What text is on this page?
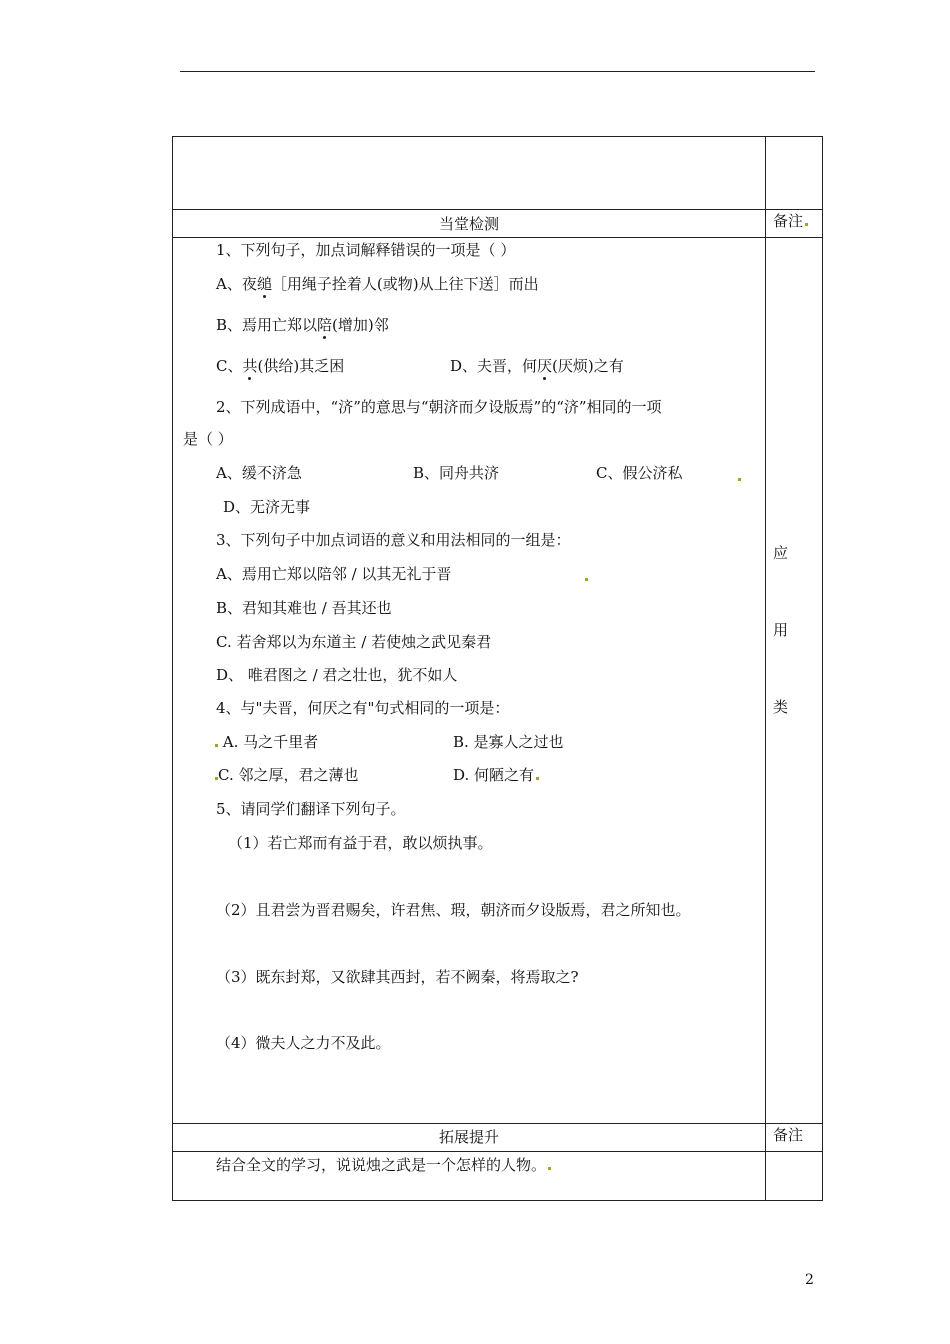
当堂检测	备注
1、下列句子，加点词解释错误的一项是（ ）
A、夜缒［用绳子拴着人(或物)从上往下送］而出
B、焉用亡郑以陪(增加)邻
C、共(供给)其乏困	D、夫晋，何厌(厌烦)之有
2、下列成语中，“济”的意思与“朝济而夕设版焉”的“济”相同的一项
是（ ）
A、缓不济急	B、同舟共济	C、假公济私
D、无济无事
3、下列句子中加点词语的意义和用法相同的一组是：
A、焉用亡郑以陪邻 / 以其无礼于晋
B、君知其难也 / 吾其还也
C. 若舍郑以为东道主 / 若使烛之武见秦君
D、 唯君图之 / 君之壮也，犹不如人
4、与"夫晋，何厌之有"句式相同的一项是：
A. 马之千里者	B. 是寡人之过也
C. 邻之厚，君之薄也	D. 何陋之有
5、请同学们翻译下列句子。
（1）若亡郑而有益于君，敢以烦执事。
（2）且君尝为晋君赐矣，许君焦、瑕，朝济而夕设版焉，君之所知也。
（3）既东封郑，又欲肆其西封，若不阙秦，将焉取之?
（4）微夫人之力不及此。
应
用
类
拓展提升	备注
结合全文的学习，说说烛之武是一个怎样的人物。
2
